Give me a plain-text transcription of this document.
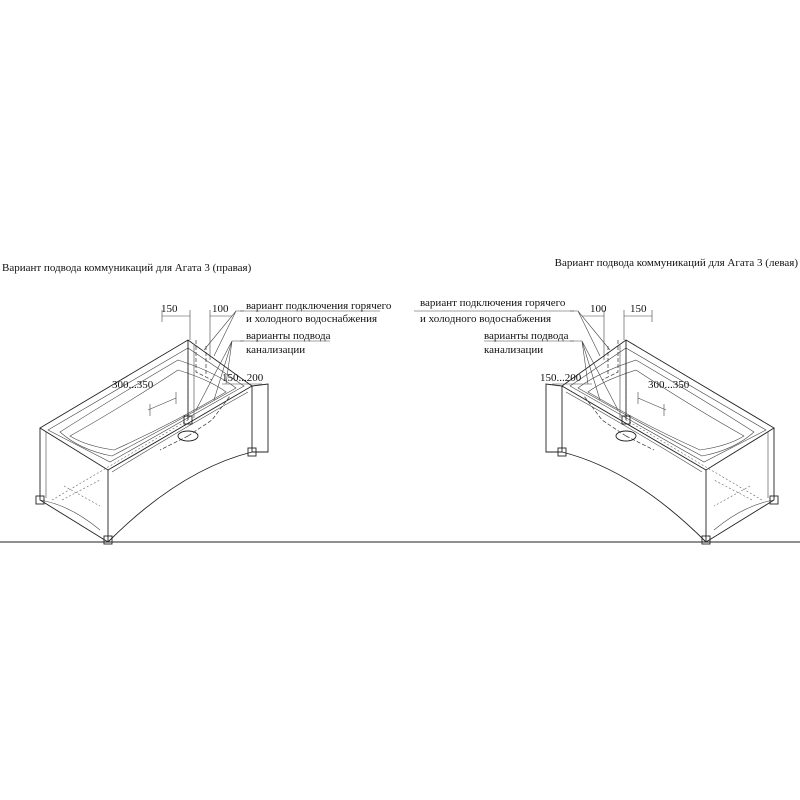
Вариант подвода коммуникаций для Агата 3 (правая)
150	100
300...350
150...200
вариант подключения горячего
и холодного водоснабжения
варианты подвода
канализации
Вариант подвода коммуникаций для Агата 3 (левая)
150
100
300...350
150...200
вариант подключения горячего
и холодного водоснабжения
варианты подвода
канализации
